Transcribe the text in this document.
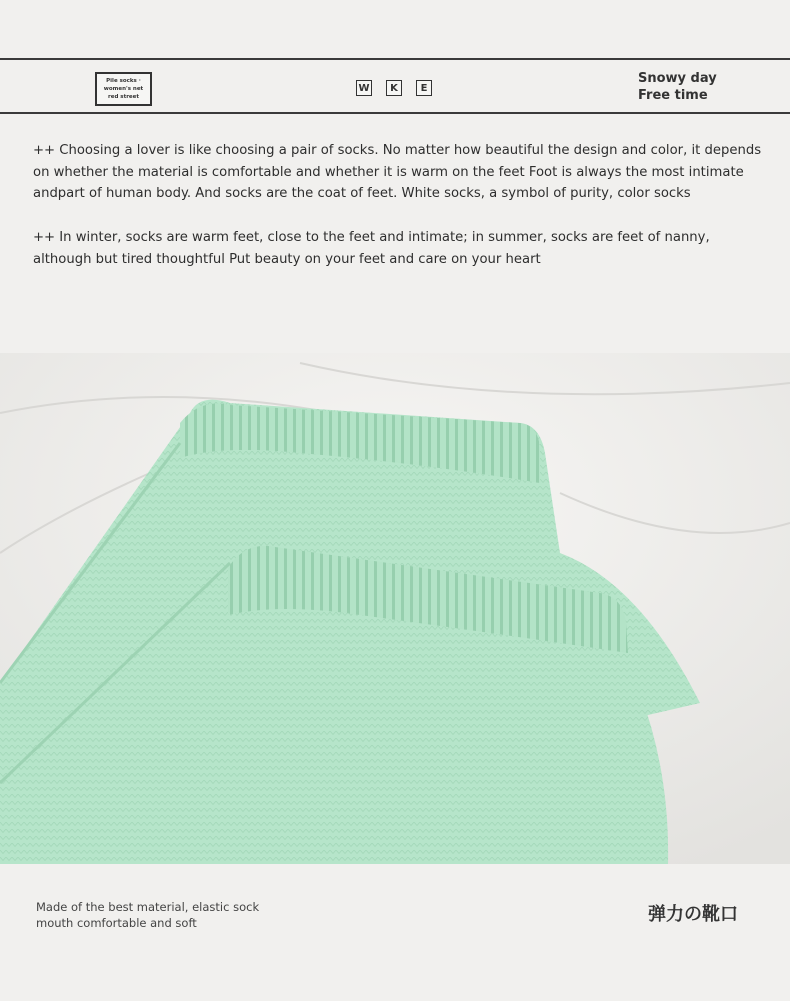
Pile socks ·
women's net
red street
W	K	E
Snowy day
Free time

++ Choosing a lover is like choosing a pair of socks. No matter how beautiful the design and color, it depends on whether the material is comfortable and whether it is warm on the feet Foot is always the most intimate andpart of human body. And socks are the coat of feet. White socks, a symbol of purity, color socks

++ In winter, socks are warm feet, close to the feet and intimate; in summer, socks are feet of nanny, although but tired thoughtful Put beauty on your feet and care on your heart

Made of the best material, elastic sock
mouth comfortable and soft	弹力の靴口
